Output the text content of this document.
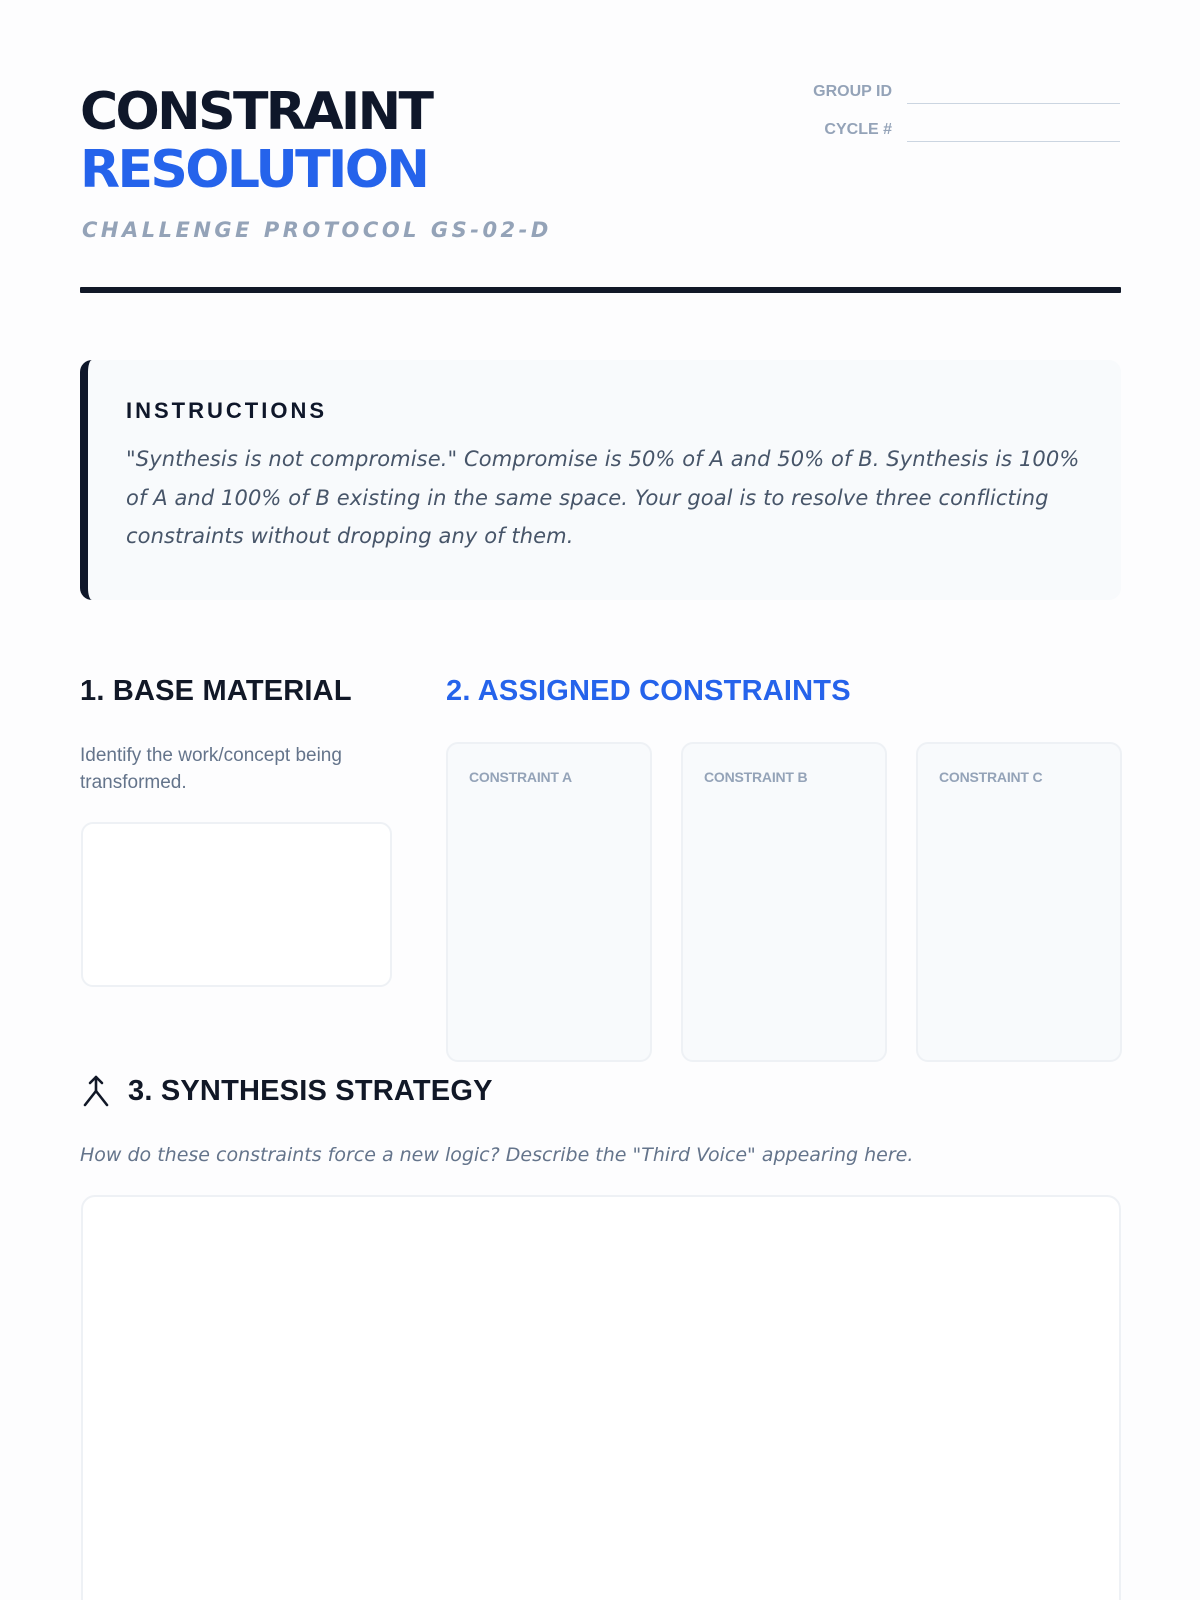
CONSTRAINT
RESOLUTION
CHALLENGE PROTOCOL GS-02-D
GROUP ID
CYCLE #
INSTRUCTIONS
"Synthesis is not compromise." Compromise is 50% of A and 50% of B. Synthesis is 100% of A and 100% of B existing in the same space. Your goal is to resolve three conflicting constraints without dropping any of them.
1. BASE MATERIAL
Identify the work/concept being transformed.
2. ASSIGNED CONSTRAINTS
CONSTRAINT A	CONSTRAINT B	CONSTRAINT C
3. SYNTHESIS STRATEGY
How do these constraints force a new logic? Describe the "Third Voice" appearing here.
